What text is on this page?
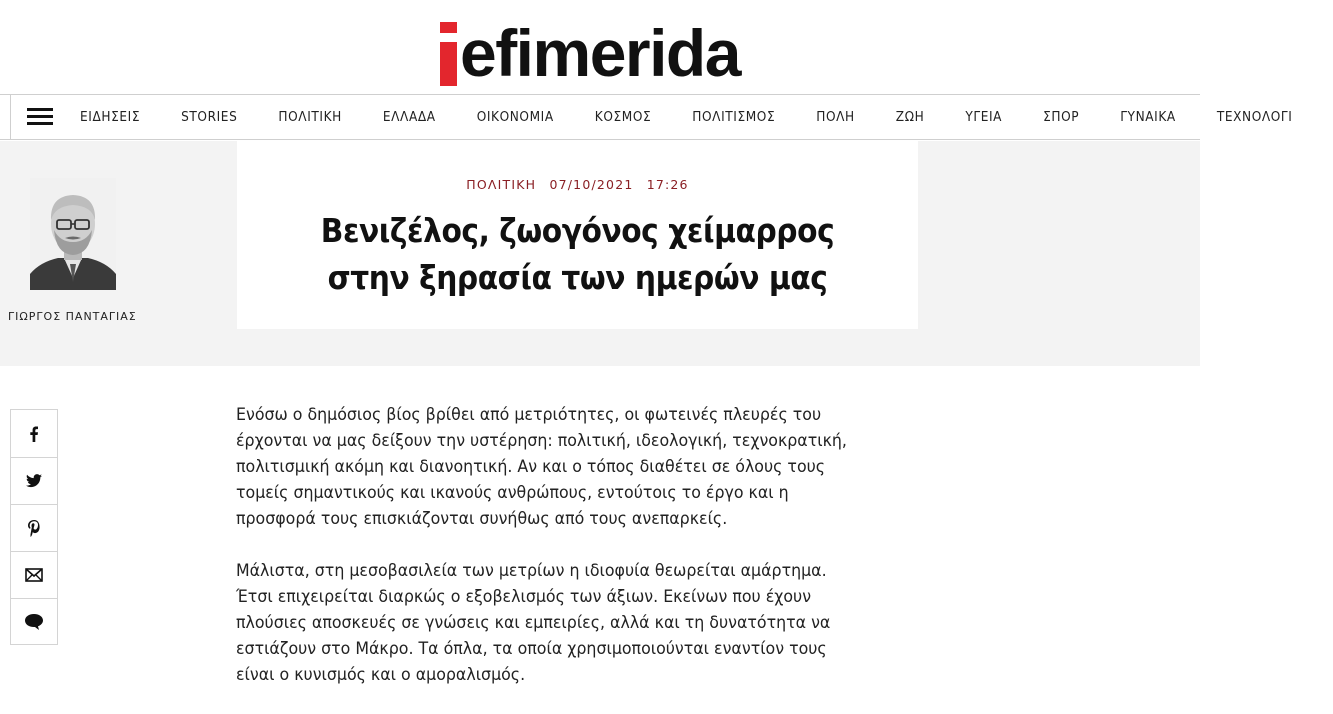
efimerida
ΕΙΔΗΣΕΙΣ	STORIES	ΠΟΛΙΤΙΚΗ	ΕΛΛΑΔΑ	ΟΙΚΟΝΟΜΙΑ	ΚΟΣΜΟΣ	ΠΟΛΙΤΙΣΜΟΣ	ΠΟΛΗ	ΖΩΗ	ΥΓΕΙΑ	ΣΠΟΡ	ΓΥΝΑΙΚΑ	ΤΕΧΝΟΛΟΓΙ
ΓΙΩΡΓΟΣ ΠΑΝΤΑΓΙΑΣ
ΠΟΛΙΤΙΚΗ 07/10/2021 17:26
Βενιζέλος, ζωογόνος χείμαρρος στην ξηρασία των ημερών μας

Ενόσω ο δημόσιος βίος βρίθει από μετριότητες, οι φωτεινές πλευρές του έρχονται να μας δείξουν την υστέρηση: πολιτική, ιδεολογική, τεχνοκρατική, πολιτισμική ακόμη και διανοητική. Αν και ο τόπος διαθέτει σε όλους τους τομείς σημαντικούς και ικανούς ανθρώπους, εντούτοις το έργο και η προσφορά τους επισκιάζονται συνήθως από τους ανεπαρκείς.

Μάλιστα, στη μεσοβασιλεία των μετρίων η ιδιοφυία θεωρείται αμάρτημα. Έτσι επιχειρείται διαρκώς ο εξοβελισμός των άξιων. Εκείνων που έχουν πλούσιες αποσκευές σε γνώσεις και εμπειρίες, αλλά και τη δυνατότητα να εστιάζουν στο Μάκρο. Τα όπλα, τα οποία χρησιμοποιούνται εναντίον τους είναι ο κυνισμός και ο αμοραλισμός.
